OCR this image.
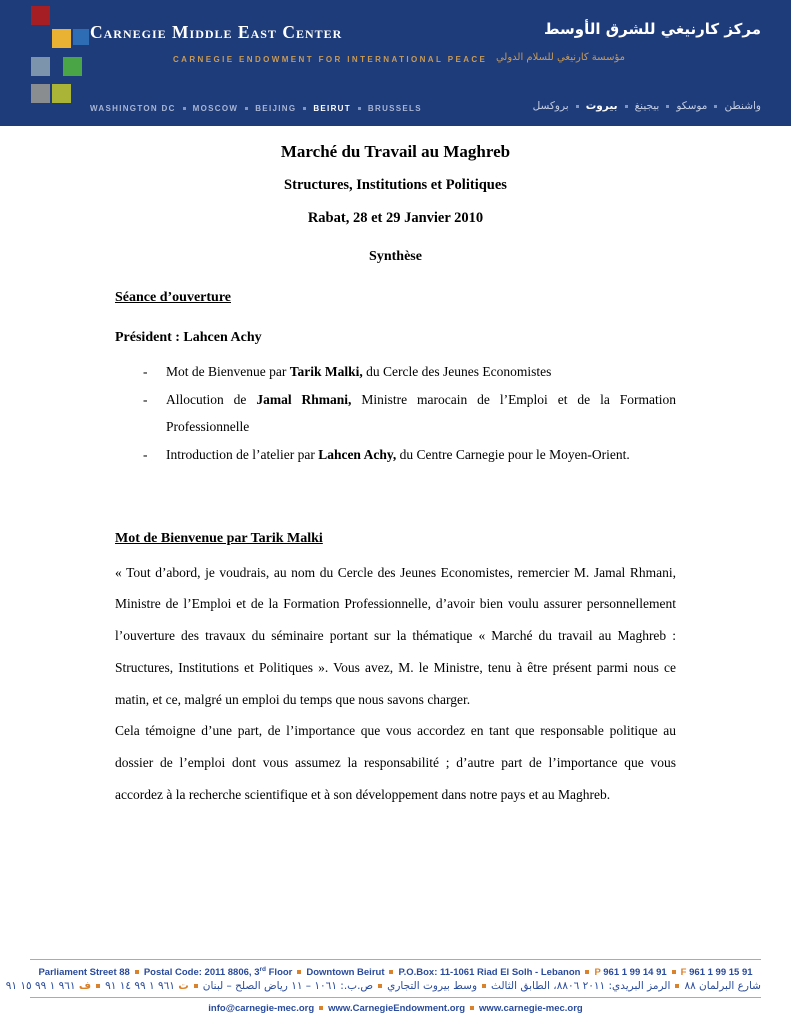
Carnegie Middle East Center	مركز كارنيغي للشرق الأوسط
CARNEGIE ENDOWMENT FOR INTERNATIONAL PEACE مؤسسة كارنيغي للسلام الدولي
WASHINGTON DC MOSCOW BEIJING BEIRUT BRUSSELS	واشنطنموسكوبيجينغبيروتبروكسل
Marché du Travail au Maghreb
Structures, Institutions et Politiques
Rabat, 28 et 29 Janvier 2010
Synthèse
Séance d’ouverture
Président : Lahcen Achy
- Mot de Bienvenue par Tarik Malki, du Cercle des Jeunes Economistes
- Allocution de Jamal Rhmani, Ministre marocain de l’Emploi et de la Formation Professionnelle
- Introduction de l’atelier par Lahcen Achy, du Centre Carnegie pour le Moyen-Orient.
Mot de Bienvenue par Tarik Malki

« Tout d’abord, je voudrais, au nom du Cercle des Jeunes Economistes, remercier M. Jamal Rhmani, Ministre de l’Emploi et de la Formation Professionnelle, d’avoir bien voulu assurer personnellement l’ouverture des travaux du séminaire portant sur la thématique « Marché du travail au Maghreb : Structures, Institutions et Politiques ». Vous avez, M. le Ministre, tenu à être présent parmi nous ce matin, et ce, malgré un emploi du temps que nous savons charger.

Cela témoigne d’une part, de l’importance que vous accordez en tant que responsable politique au dossier de l’emploi dont vous assumez la responsabilité ; d’autre part de l’importance que vous accordez à la recherche scientifique et à son développement dans notre pays et au Maghreb.

Parliament Street 88 Postal Code: 2011 8806, 3rd Floor Downtown Beirut P.O.Box: 11-1061 Riad El Solh - Lebanon P 961 1 99 14 91 F 961 1 99 15 91
شارع البرلمان ٨٨الرمز البريدي: ٢٠١١ ٨٨٠٦، الطابق الثالثوسط بيروت التجاريص.ب.: ١٠٦١ – ١١ رياض الصلح – لبنانت ٩٦١ ١ ٩٩ ١٤ ٩١ف ٩٦١ ١ ٩٩ ١٥ ٩١
info@carnegie-mec.org www.CarnegieEndowment.org www.carnegie-mec.org
